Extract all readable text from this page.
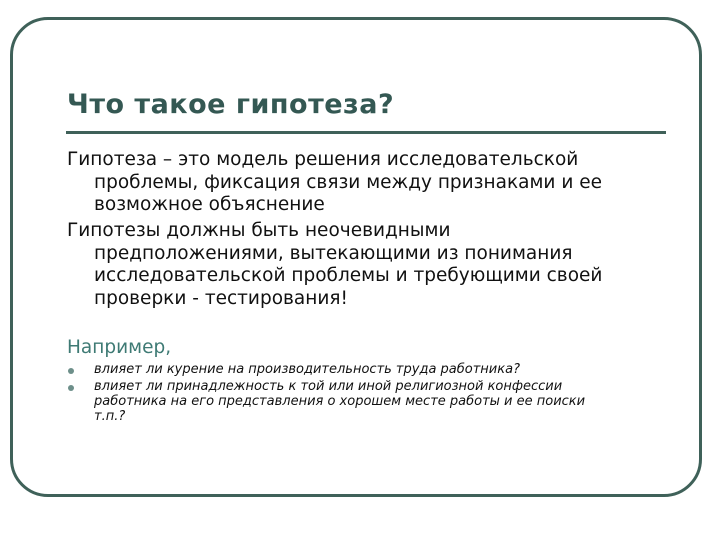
Что такое гипотеза?
Гипотеза – это модель решения исследовательской
проблемы, фиксация связи между признаками и ее
возможное объяснение
Гипотезы должны быть неочевидными
предположениями, вытекающими из понимания
исследовательской проблемы и требующими своей
проверки - тестирования!
Например,
влияет ли курение на производительность труда работника?
влияет ли принадлежность к той или иной религиозной конфессии
работника на его представления о хорошем месте работы и ее поиски
т.п.?
